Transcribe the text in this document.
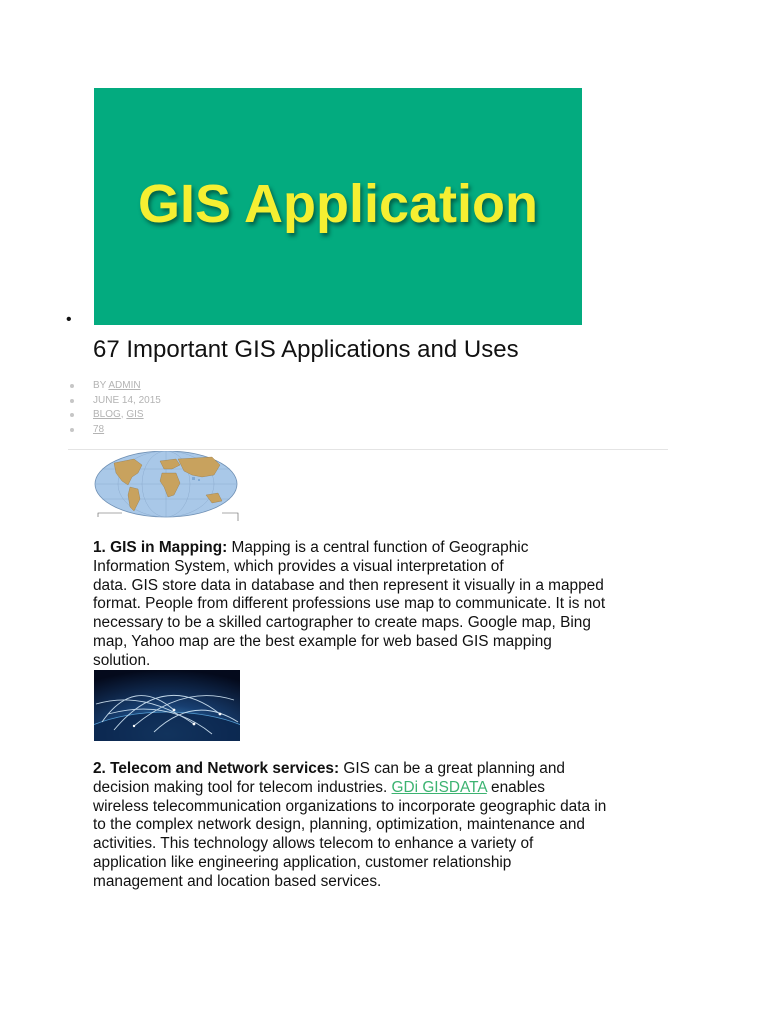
•
GIS Application
67 Important GIS Applications and Uses
BY ADMIN
JUNE 14, 2015
BLOG, GIS
78

1. GIS in Mapping: Mapping is a central function of Geographic
Information System, which provides a visual interpretation of
data. GIS store data in database and then represent it visually in a mapped
format. People from different professions use map to communicate. It is not
necessary to be a skilled cartographer to create maps. Google map, Bing
map, Yahoo map are the best example for web based GIS mapping
solution.

2. Telecom and Network services: GIS can be a great planning and
decision making tool for telecom industries. GDi GISDATA enables
wireless telecommunication organizations to incorporate geographic data in
to the complex network design, planning, optimization, maintenance and
activities. This technology allows telecom to enhance a variety of
application like engineering application, customer relationship
management and location based services.
